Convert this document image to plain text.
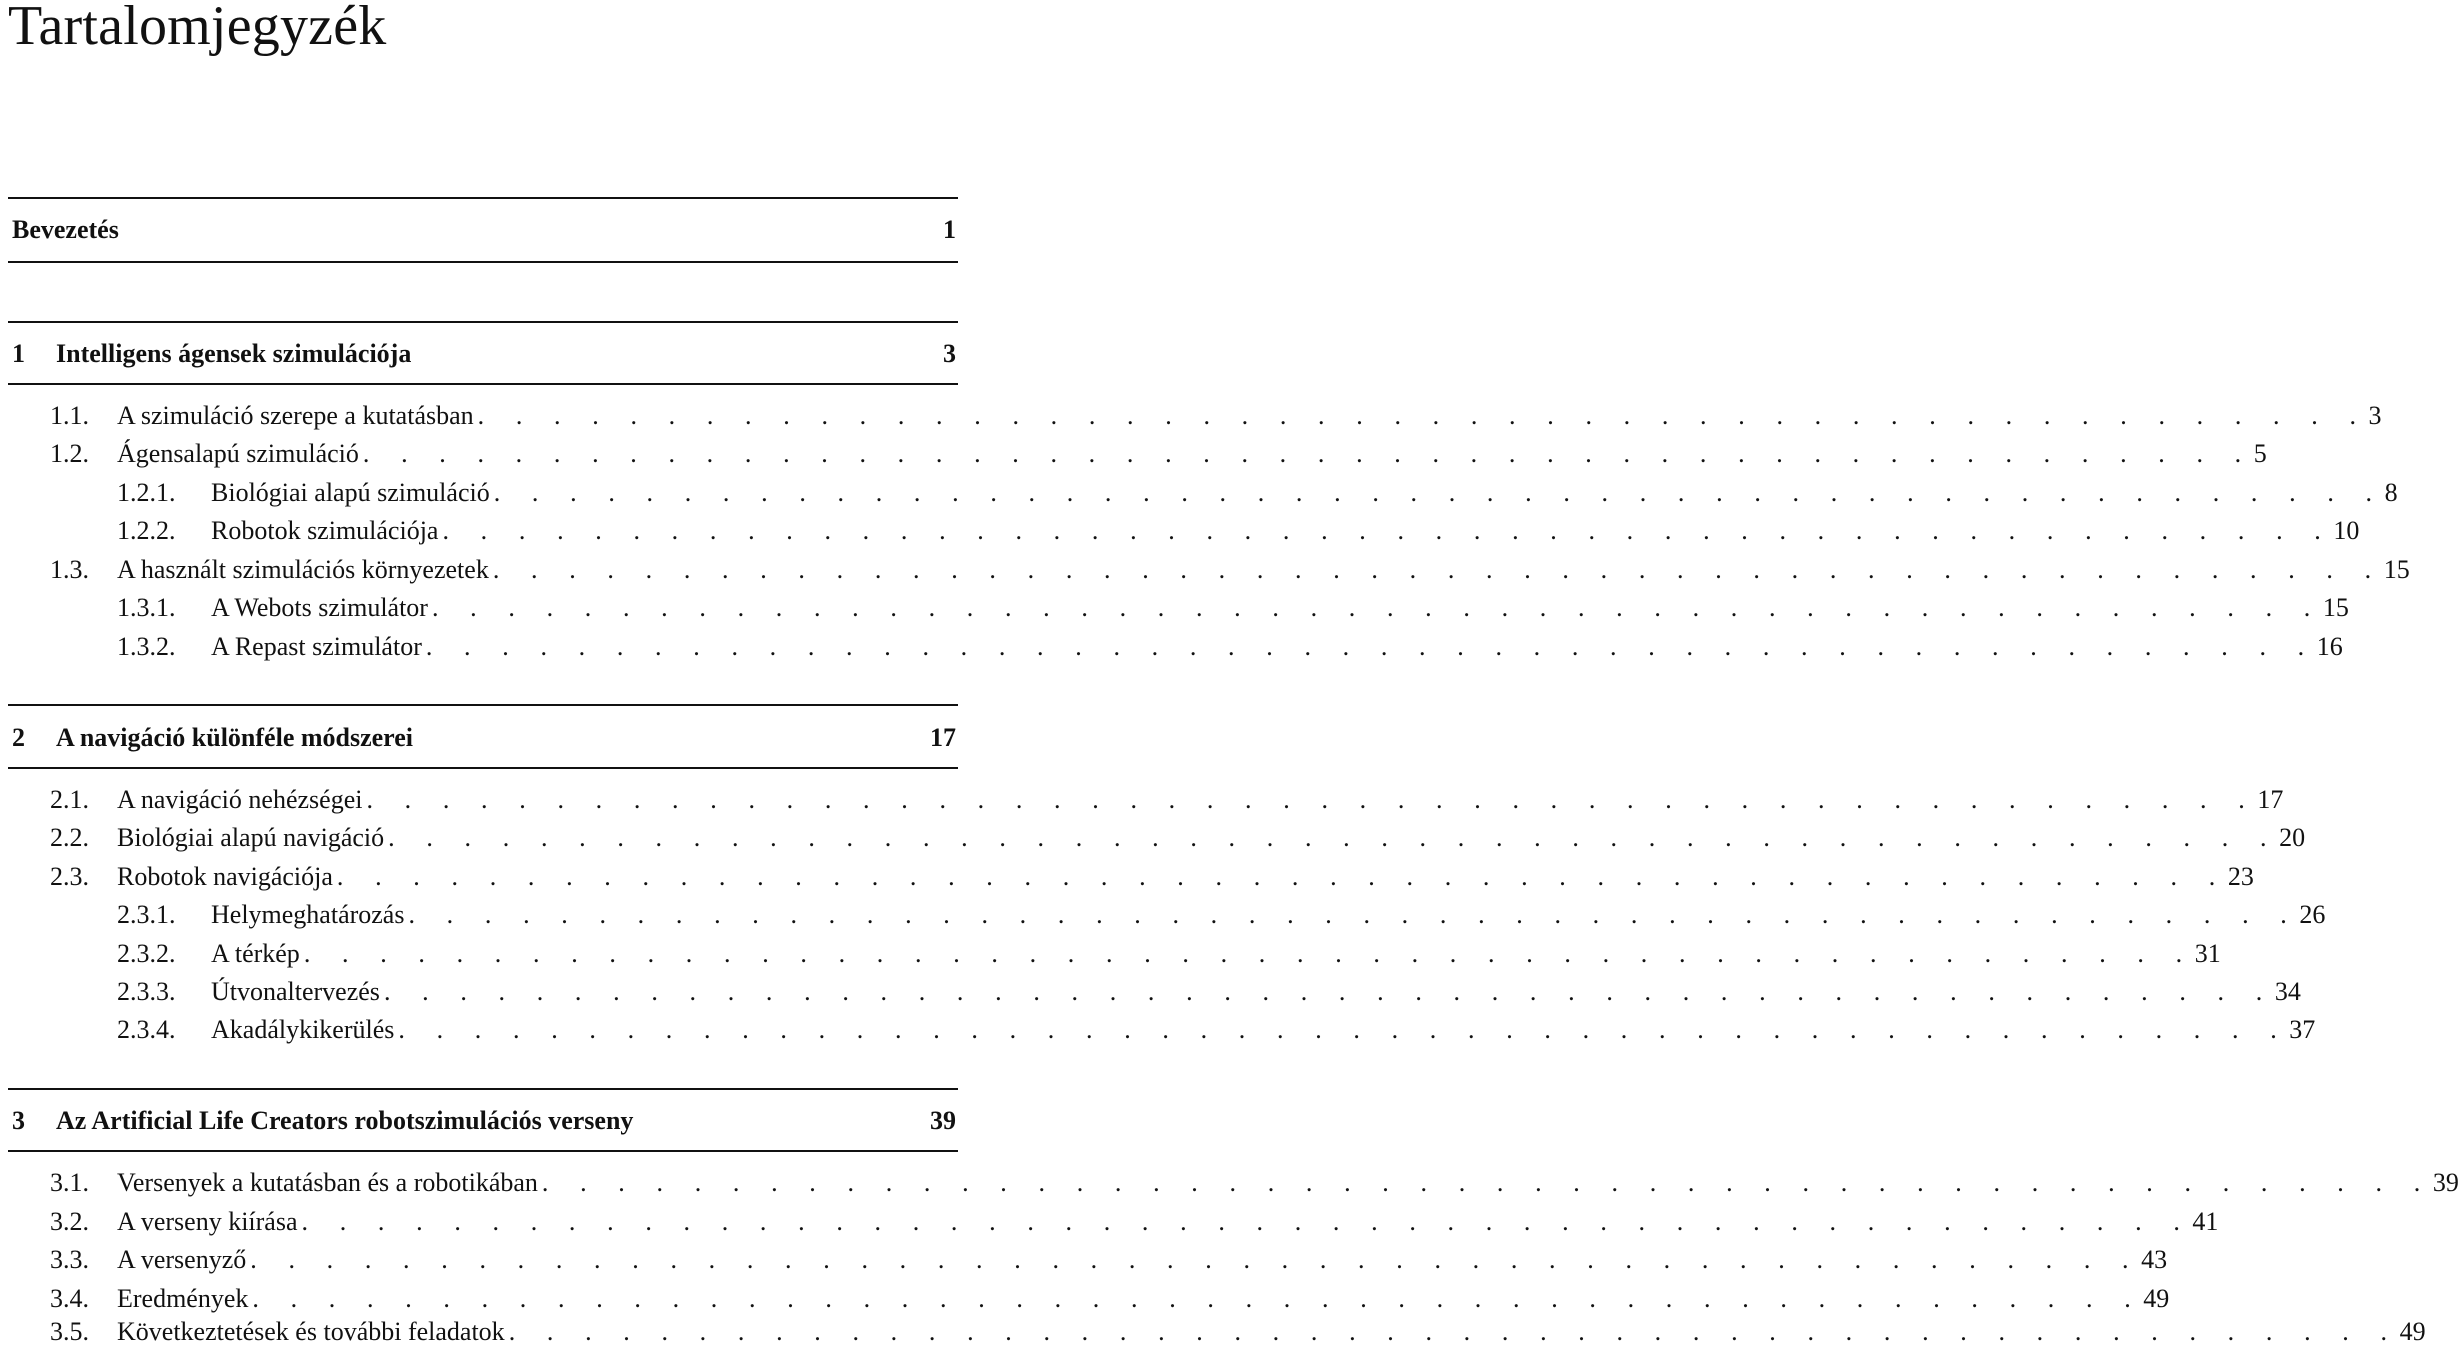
Tartalomjegyzék
Bevezetés	1
1 Intelligens ágensek szimulációja	3
1.1. A szimuláció szerepe a kutatásban . . . . . . . . . . . . . . . . . . . . . . . . . . . . . . . . . . . . . . . . . . . . . . . . . . 3
1.2. Ágensalapú szimuláció . . . . . . . . . . . . . . . . . . . . . . . . . . . . . . . . . . . . . . . . . . . . . . . . . . 5
1.2.1. Biológiai alapú szimuláció . . . . . . . . . . . . . . . . . . . . . . . . . . . . . . . . . . . . . . . . . . . . . . . . . . 8
1.2.2. Robotok szimulációja . . . . . . . . . . . . . . . . . . . . . . . . . . . . . . . . . . . . . . . . . . . . . . . . . . 10
1.3. A használt szimulációs környezetek . . . . . . . . . . . . . . . . . . . . . . . . . . . . . . . . . . . . . . . . . . . . . . . . . . 15
1.3.1. A Webots szimulátor . . . . . . . . . . . . . . . . . . . . . . . . . . . . . . . . . . . . . . . . . . . . . . . . . . 15
1.3.2. A Repast szimulátor . . . . . . . . . . . . . . . . . . . . . . . . . . . . . . . . . . . . . . . . . . . . . . . . . . 16
2 A navigáció különféle módszerei	17
2.1. A navigáció nehézségei . . . . . . . . . . . . . . . . . . . . . . . . . . . . . . . . . . . . . . . . . . . . . . . . . . 17
2.2. Biológiai alapú navigáció . . . . . . . . . . . . . . . . . . . . . . . . . . . . . . . . . . . . . . . . . . . . . . . . . . 20
2.3. Robotok navigációja . . . . . . . . . . . . . . . . . . . . . . . . . . . . . . . . . . . . . . . . . . . . . . . . . . 23
2.3.1. Helymeghatározás . . . . . . . . . . . . . . . . . . . . . . . . . . . . . . . . . . . . . . . . . . . . . . . . . . 26
2.3.2. A térkép . . . . . . . . . . . . . . . . . . . . . . . . . . . . . . . . . . . . . . . . . . . . . . . . . . 31
2.3.3. Útvonaltervezés . . . . . . . . . . . . . . . . . . . . . . . . . . . . . . . . . . . . . . . . . . . . . . . . . . 34
2.3.4. Akadálykikerülés . . . . . . . . . . . . . . . . . . . . . . . . . . . . . . . . . . . . . . . . . . . . . . . . . . 37
3 Az Artificial Life Creators robotszimulációs verseny	39
3.1. Versenyek a kutatásban és a robotikában . . . . . . . . . . . . . . . . . . . . . . . . . . . . . . . . . . . . . . . . . . . . . . . . . . 39
3.2. A verseny kiírása . . . . . . . . . . . . . . . . . . . . . . . . . . . . . . . . . . . . . . . . . . . . . . . . . . 41
3.3. A versenyző . . . . . . . . . . . . . . . . . . . . . . . . . . . . . . . . . . . . . . . . . . . . . . . . . . 43
3.4. Eredmények . . . . . . . . . . . . . . . . . . . . . . . . . . . . . . . . . . . . . . . . . . . . . . . . . . 49
3.5. Következtetések és további feladatok . . . . . . . . . . . . . . . . . . . . . . . . . . . . . . . . . . . . . . . . . . . . . . . . . . 49
